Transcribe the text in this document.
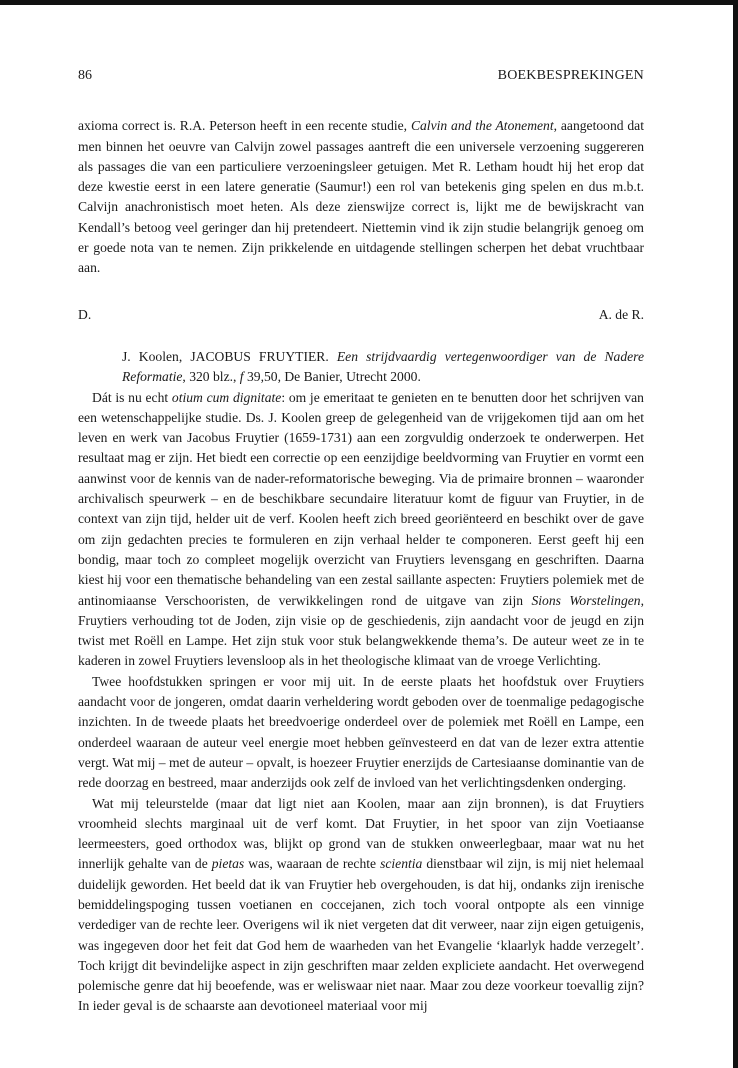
86	BOEKBESPREKINGEN

axioma correct is. R.A. Peterson heeft in een recente studie, Calvin and the Atonement, aangetoond dat men binnen het oeuvre van Calvijn zowel passages aantreft die een universele verzoening suggereren als passages die van een particuliere verzoeningsleer getuigen. Met R. Letham houdt hij het erop dat deze kwestie eerst in een latere generatie (Saumur!) een rol van betekenis ging spelen en dus m.b.t. Calvijn anachronistisch moet heten. Als deze zienswijze correct is, lijkt me de bewijskracht van Kendall’s betoog veel geringer dan hij pretendeert. Niettemin vind ik zijn studie belangrijk genoeg om er goede nota van te nemen. Zijn prikkelende en uitdagende stellingen scherpen het debat vruchtbaar aan.

D.	A. de R.

J. Koolen, JACOBUS FRUYTIER. Een strijdvaardig vertegenwoordiger van de Nadere Reformatie, 320 blz., f 39,50, De Banier, Utrecht 2000.

Dát is nu echt otium cum dignitate: om je emeritaat te genieten en te benutten door het schrijven van een wetenschappelijke studie. Ds. J. Koolen greep de gelegenheid van de vrijgekomen tijd aan om het leven en werk van Jacobus Fruytier (1659-1731) aan een zorgvuldig onderzoek te onderwerpen. Het resultaat mag er zijn. Het biedt een correctie op een eenzijdige beeldvorming van Fruytier en vormt een aanwinst voor de kennis van de nader-reformatorische beweging. Via de primaire bronnen – waaronder archivalisch speurwerk – en de beschikbare secundaire literatuur komt de figuur van Fruytier, in de context van zijn tijd, helder uit de verf. Koolen heeft zich breed georiënteerd en beschikt over de gave om zijn gedachten precies te formuleren en zijn verhaal helder te componeren. Eerst geeft hij een bondig, maar toch zo compleet mogelijk overzicht van Fruytiers levensgang en geschriften. Daarna kiest hij voor een thematische behandeling van een zestal saillante aspecten: Fruytiers polemiek met de antinomiaanse Verschooristen, de verwikkelingen rond de uitgave van zijn Sions Worstelingen, Fruytiers verhouding tot de Joden, zijn visie op de geschiedenis, zijn aandacht voor de jeugd en zijn twist met Roëll en Lampe. Het zijn stuk voor stuk belangwekkende thema’s. De auteur weet ze in te kaderen in zowel Fruytiers levensloop als in het theologische klimaat van de vroege Verlichting.

Twee hoofdstukken springen er voor mij uit. In de eerste plaats het hoofdstuk over Fruytiers aandacht voor de jongeren, omdat daarin verheldering wordt geboden over de toenmalige pedagogische inzichten. In de tweede plaats het breedvoerige onderdeel over de polemiek met Roëll en Lampe, een onderdeel waaraan de auteur veel energie moet hebben geïnvesteerd en dat van de lezer extra attentie vergt. Wat mij – met de auteur – opvalt, is hoezeer Fruytier enerzijds de Cartesiaanse dominantie van de rede doorzag en bestreed, maar anderzijds ook zelf de invloed van het verlichtingsdenken onderging.

Wat mij teleurstelde (maar dat ligt niet aan Koolen, maar aan zijn bronnen), is dat Fruytiers vroomheid slechts marginaal uit de verf komt. Dat Fruytier, in het spoor van zijn Voetiaanse leermeesters, goed orthodox was, blijkt op grond van de stukken onweerlegbaar, maar wat nu het innerlijk gehalte van de pietas was, waaraan de rechte scientia dienstbaar wil zijn, is mij niet helemaal duidelijk geworden. Het beeld dat ik van Fruytier heb overgehouden, is dat hij, ondanks zijn irenische bemiddelingspoging tussen voetianen en coccejanen, zich toch vooral ontpopte als een vinnige verdediger van de rechte leer. Overigens wil ik niet vergeten dat dit verweer, naar zijn eigen getuigenis, was ingegeven door het feit dat God hem de waarheden van het Evangelie ‘klaarlyk hadde verzegelt’. Toch krijgt dit bevindelijke aspect in zijn geschriften maar zelden expliciete aandacht. Het overwegend polemische genre dat hij beoefende, was er weliswaar niet naar. Maar zou deze voorkeur toevallig zijn? In ieder geval is de schaarste aan devotioneel materiaal voor mij
